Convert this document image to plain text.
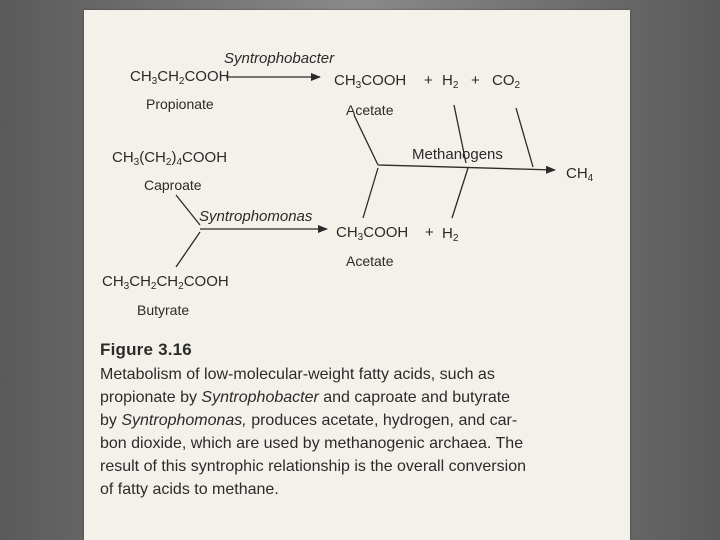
Syntrophobacter
$CH_3CH_2COOH$
Propionate
$CH_3COOH + H_2 + CO_2$
Acetate
$CH_3(CH_2)_4COOH$
Caproate
Methanogens
$CH_4$
Syntrophomonas
$CH_3COOH + H_2$
Acetate
$CH_3CH_2CH_2COOH$
Butyrate
Figure 3.16
Metabolism of low-molecular-weight fatty acids, such as
propionate by Syntrophobacter and caproate and butyrate
by Syntrophomonas, produces acetate, hydrogen, and car-
bon dioxide, which are used by methanogenic archaea. The
result of this syntrophic relationship is the overall conversion
of fatty acids to methane.
